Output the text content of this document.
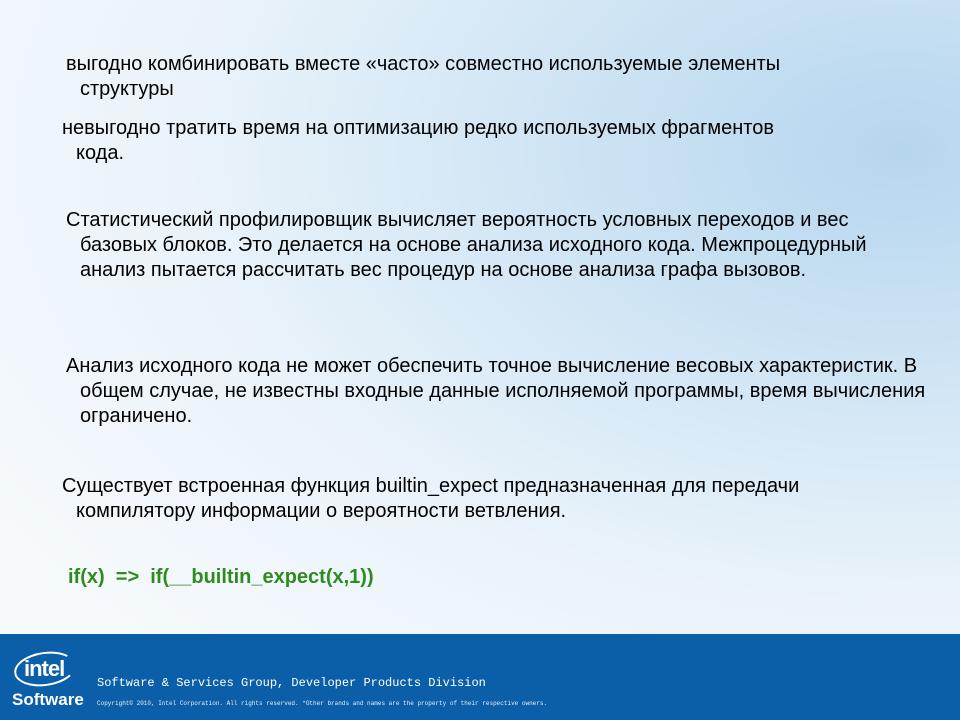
выгодно комбинировать вместе «часто» совместно используемые элементы структуры
невыгодно тратить время на оптимизацию редко используемых фрагментов кода.
Статистический профилировщик вычисляет вероятность условных переходов и вес базовых блоков. Это делается на основе анализа исходного кода. Межпроцедурный анализ пытается рассчитать вес процедур на основе анализа графа вызовов.
Анализ исходного кода не может обеспечить точное вычисление весовых характеристик. В общем случае, не известны входные данные исполняемой программы, время вычисления ограничено.
Существует встроенная функция builtin_expect предназначенная для передачи компилятору информации о вероятности ветвления.
if(x)  =>  if(__builtin_expect(x,1))
intel
Software
Software & Services Group, Developer Products Division
Copyright© 2010, Intel Corporation. All rights reserved. *Other brands and names are the property of their respective owners.
